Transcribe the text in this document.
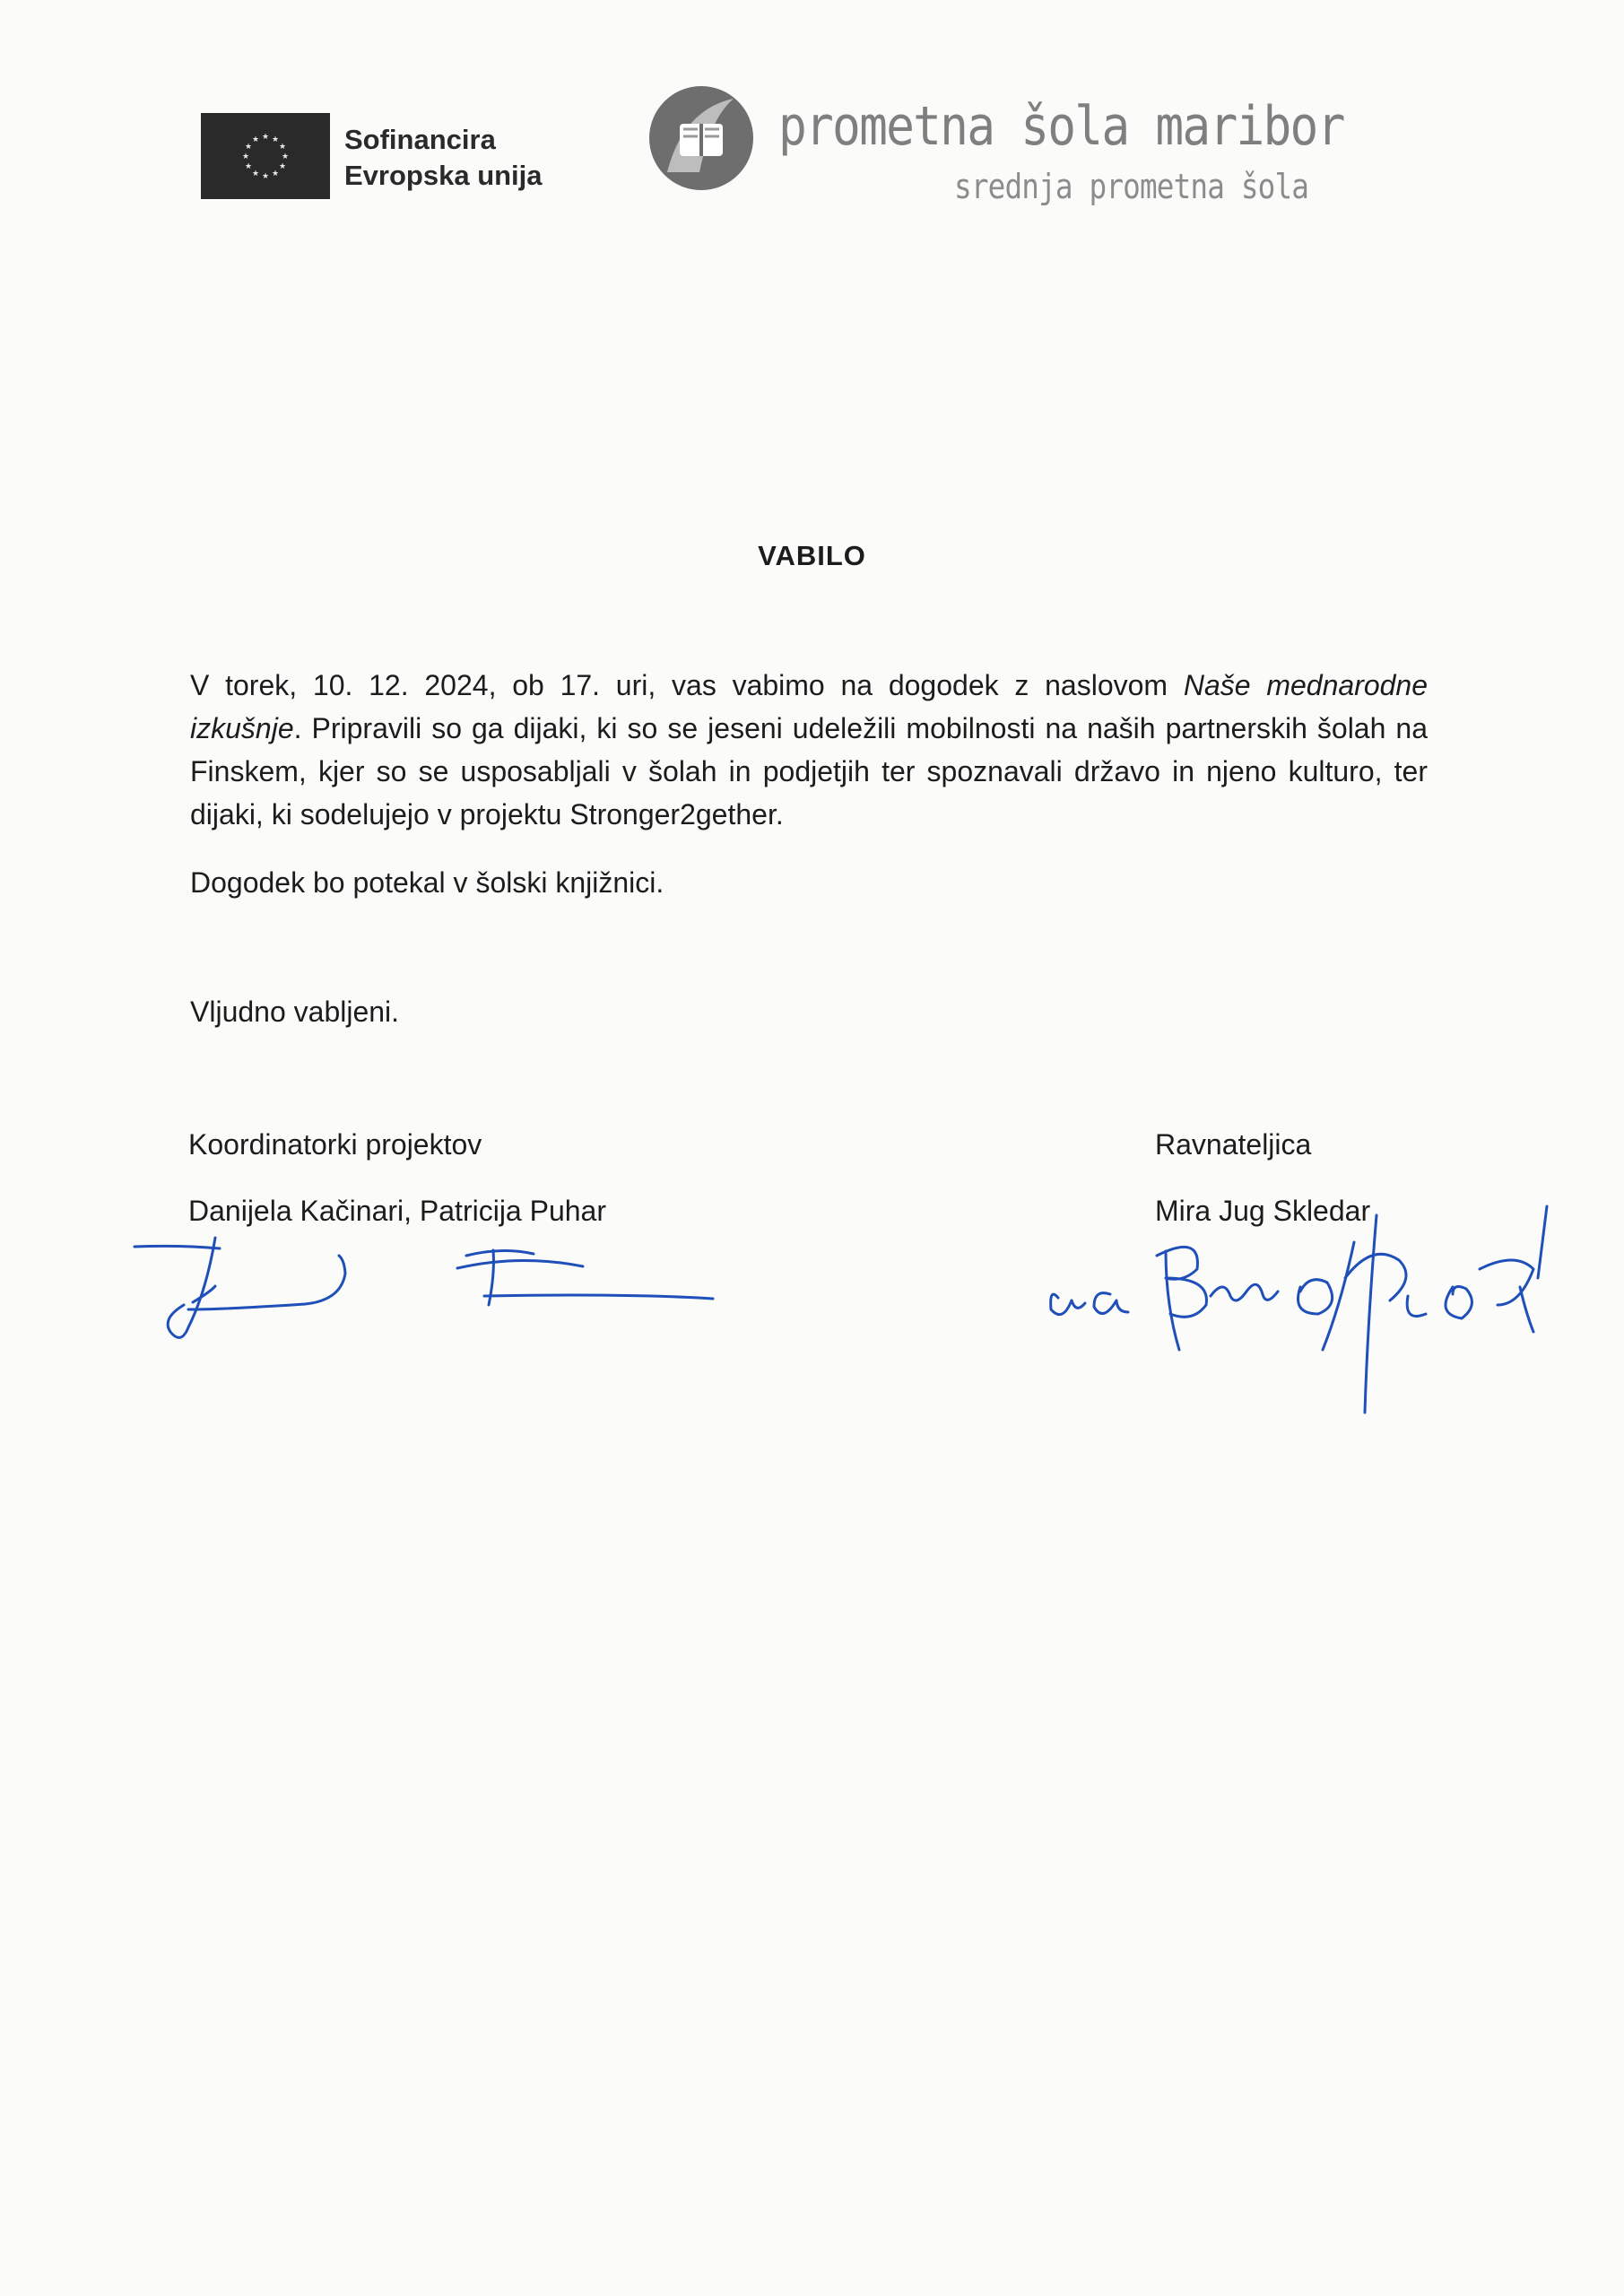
★ ★
★
★
★
★
★
★
★
★
★
★	Sofinancira
Evropska unija
prometna šola maribor
srednja prometna šola
VABILO
V torek, 10. 12. 2024, ob 17. uri, vas vabimo na dogodek z naslovom Naše mednarodne izkušnje. Pripravili so ga dijaki, ki so se jeseni udeležili mobilnosti na naših partnerskih šolah na Finskem, kjer so se usposabljali v šolah in podjetjih ter spoznavali državo in njeno kulturo, ter dijaki, ki sodelujejo v projektu Stronger2gether.
Dogodek bo potekal v šolski knjižnici.
Vljudno vabljeni.
Koordinatorki projektov
Danijela Kačinari, Patricija Puhar
Ravnateljica
Mira Jug Skledar
